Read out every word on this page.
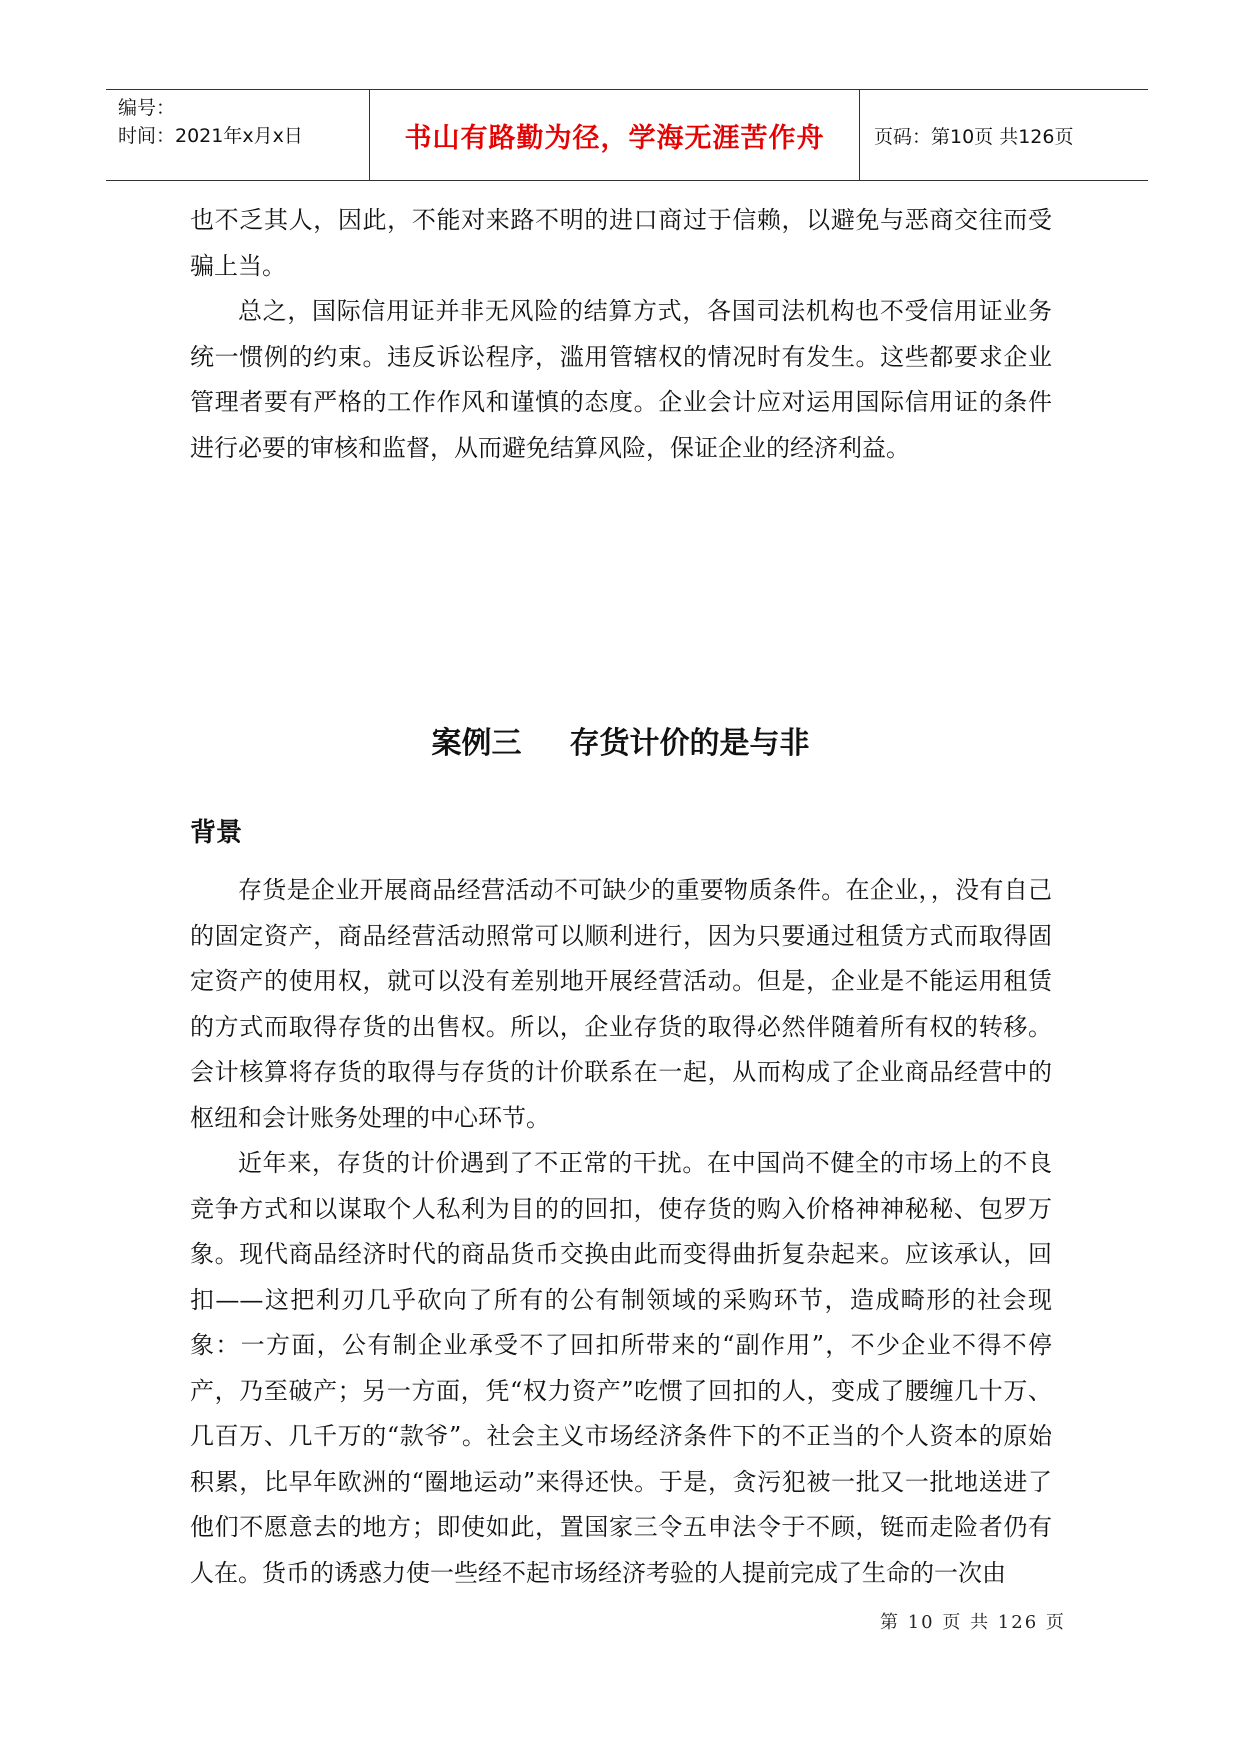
编号：
时间：2021年x月x日	书山有路勤为径，学海无涯苦作舟	页码：第10页 共126页

也不乏其人，因此，不能对来路不明的进口商过于信赖，以避免与恶商交往而受骗上当。

总之，国际信用证并非无风险的结算方式，各国司法机构也不受信用证业务统一惯例的约束。违反诉讼程序，滥用管辖权的情况时有发生。这些都要求企业管理者要有严格的工作作风和谨慎的态度。企业会计应对运用国际信用证的条件进行必要的审核和监督，从而避免结算风险，保证企业的经济利益。

案例三 存货计价的是与非
背景

存货是企业开展商品经营活动不可缺少的重要物质条件。在企业，，没有自己的固定资产，商品经营活动照常可以顺利进行，因为只要通过租赁方式而取得固定资产的使用权，就可以没有差别地开展经营活动。但是，企业是不能运用租赁的方式而取得存货的出售权。所以，企业存货的取得必然伴随着所有权的转移。会计核算将存货的取得与存货的计价联系在一起，从而构成了企业商品经营中的枢纽和会计账务处理的中心环节。

近年来，存货的计价遇到了不正常的干扰。在中国尚不健全的市场上的不良竞争方式和以谋取个人私利为目的的回扣，使存货的购入价格神神秘秘、包罗万象。现代商品经济时代的商品货币交换由此而变得曲折复杂起来。应该承认，回扣——这把利刃几乎砍向了所有的公有制领域的采购环节，造成畸形的社会现象：一方面，公有制企业承受不了回扣所带来的“副作用”，不少企业不得不停产，乃至破产；另一方面，凭“权力资产”吃惯了回扣的人，变成了腰缠几十万、几百万、几千万的“款爷”。社会主义市场经济条件下的不正当的个人资本的原始积累，比早年欧洲的“圈地运动”来得还快。于是，贪污犯被一批又一批地送进了他们不愿意去的地方；即使如此，置国家三令五申法令于不顾，铤而走险者仍有人在。货币的诱惑力使一些经不起市场经济考验的人提前完成了生命的一次由

第 10 页 共 126 页
